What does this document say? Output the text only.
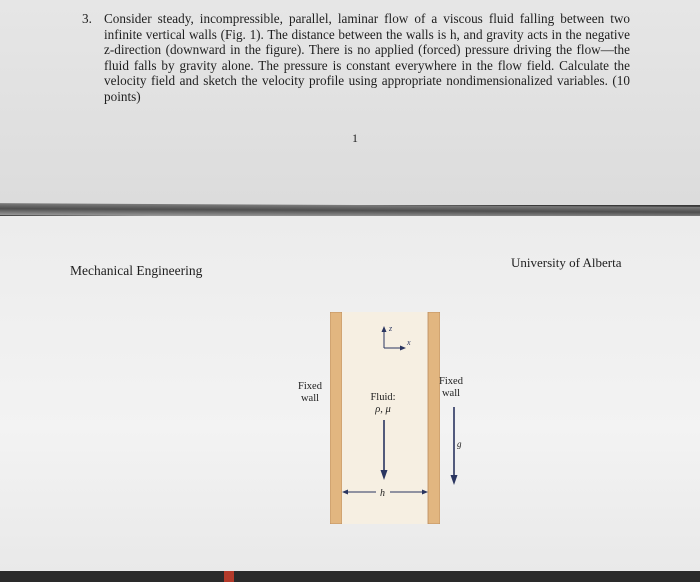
3. Consider steady, incompressible, parallel, laminar flow of a viscous fluid falling between two infinite vertical walls (Fig. 1). The distance between the walls is h, and gravity acts in the negative z-direction (downward in the figure). There is no applied (forced) pressure driving the flow—the fluid falls by gravity alone. The pressure is constant everywhere in the flow field. Calculate the velocity field and sketch the velocity profile using appropriate nondimensionalized variables. (10 points)
1
Mechanical Engineering
University of Alberta
z
x
h
g
Fixed
wall
Fixed
wall
Fluid:
ρ, μ
